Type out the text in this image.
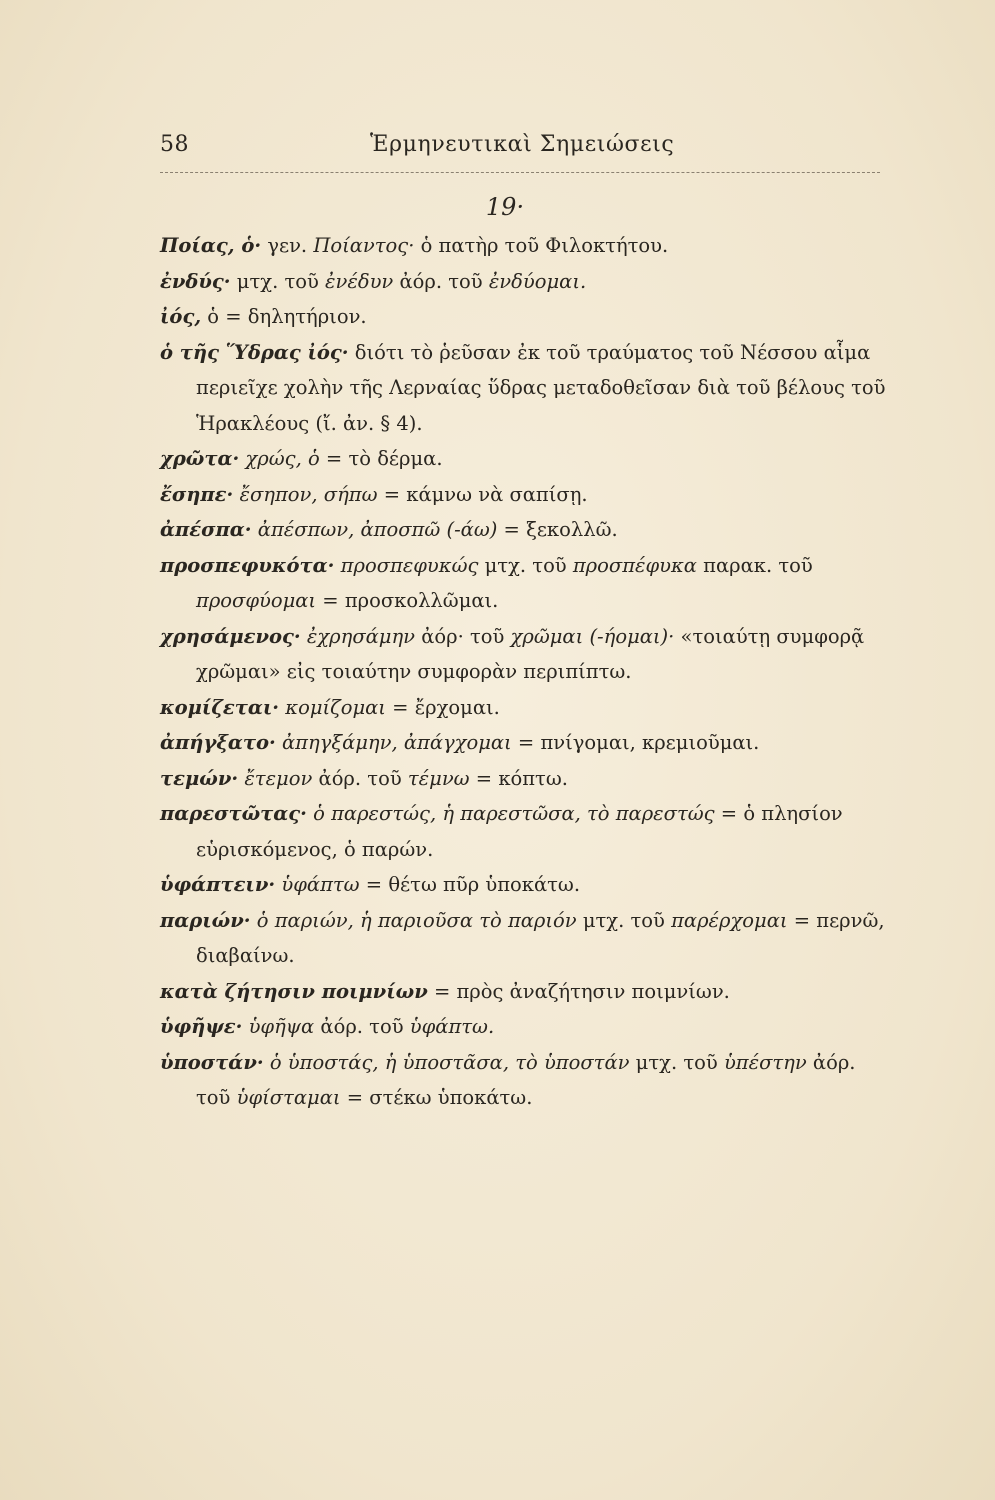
58	Ἑρμηνευτικαὶ Σημειώσεις
19·

Ποίας, ὁ· γεν. Ποίαντος· ὁ πατὴρ τοῦ Φιλοκτήτου.

ἐνδύς· μτχ. τοῦ ἐνέδυν ἀόρ. τοῦ ἐνδύομαι.

ἰός, ὁ = δηλητήριον.

ὁ τῆς Ὕδρας ἰός· διότι τὸ ῥεῦσαν ἐκ τοῦ τραύματος τοῦ Νέσσου αἷμα περιεῖχε χολὴν τῆς Λερναίας ὕδρας μεταδοθεῖσαν διὰ τοῦ βέλους τοῦ Ἡρακλέους (ἴ. ἀν. § 4).

χρῶτα· χρώς, ὁ = τὸ δέρμα.

ἔσηπε· ἔσηπον, σήπω = κάμνω νὰ σαπίσῃ.

ἀπέσπα· ἀπέσπων, ἀποσπῶ (-άω) = ξεκολλῶ.

προσπεφυκότα· προσπεφυκώς μτχ. τοῦ προσπέφυκα παρακ. τοῦ προσφύομαι = προσκολλῶμαι.

χρησάμενος· ἐχρησάμην ἀόρ· τοῦ χρῶμαι (-ήομαι)· «τοιαύτῃ συμφορᾷ χρῶμαι» εἰς τοιαύτην συμφορὰν περιπίπτω.

κομίζεται· κομίζομαι = ἔρχομαι.

ἀπήγξατο· ἀπηγξάμην, ἀπάγχομαι = πνίγομαι, κρεμιοῦμαι.

τεμών· ἔτεμον ἀόρ. τοῦ τέμνω = κόπτω.

παρεστῶτας· ὁ παρεστώς, ἡ παρεστῶσα, τὸ παρεστώς = ὁ πλησίον εὑρισκόμενος, ὁ παρών.

ὑφάπτειν· ὑφάπτω = θέτω πῦρ ὑποκάτω.

παριών· ὁ παριών, ἡ παριοῦσα τὸ παριόν μτχ. τοῦ παρέρχομαι = περνῶ, διαβαίνω.

κατὰ ζήτησιν ποιμνίων = πρὸς ἀναζήτησιν ποιμνίων.

ὑφῆψε· ὑφῆψα ἀόρ. τοῦ ὑφάπτω.

ὑποστάν· ὁ ὑποστάς, ἡ ὑποστᾶσα, τὸ ὑποστάν μτχ. τοῦ ὑπέστην ἀόρ. τοῦ ὑφίσταμαι = στέκω ὑποκάτω.
